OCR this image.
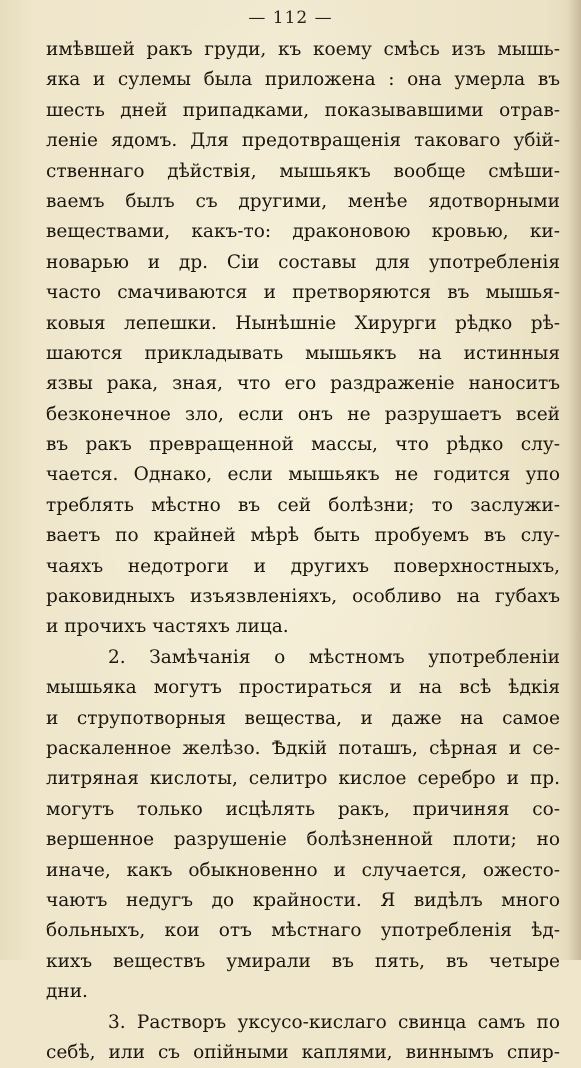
— 112 —
имѣвшей ракъ груди, къ коему смѣсь изъ мышь-
яка и сулемы была приложена : она умерла въ
шесть дней припадками, показывавшими отрав-
леніе ядомъ. Для предотвращенія таковаго убій-
ственнаго дѣйствія, мышьякъ вообще смѣши-
ваемъ былъ съ другими, менѣе ядотворными
веществами, какъ-то: драконовою кровью, ки-
новарью и др. Сіи составы для употребленія
часто смачиваются и претворяются въ мышья-
ковыя лепешки. Нынѣшніе Хирурги рѣдко рѣ-
шаются прикладывать мышьякъ на истинныя
язвы рака, зная, что его раздраженіе наноситъ
безконечное зло, если онъ не разрушаетъ всей
въ ракъ превращенной массы, что рѣдко слу-
чается. Однако, если мышьякъ не годится упо
треблять мѣстно въ сей болѣзни; то заслужи-
ваетъ по крайней мѣрѣ быть пробуемъ въ слу-
чаяхъ недотроги и другихъ поверхностныхъ,
раковидныхъ изъязвленіяхъ, особливо на губахъ
и прочихъ частяхъ лица.
2. Замѣчанія о мѣстномъ употребленіи
мышьяка могутъ простираться и на всѣ ѣдкія
и струпотворныя вещества, и даже на самое
раскаленное желѣзо. Ѣдкій поташъ, сѣрная и се-
литряная кислоты, селитро кислое серебро и пр.
могутъ только исцѣлять ракъ, причиняя со-
вершенное разрушеніе болѣзненной плоти; но
иначе, какъ обыкновенно и случается, ожесто-
чаютъ недугъ до крайности. Я видѣлъ много
больныхъ, кои отъ мѣстнаго употребленія ѣд-
кихъ веществъ умирали въ пять, въ четыре
дни.
3. Растворъ уксусо-кислаго свинца самъ по
себѣ, или съ опійными каплями, виннымъ спир-
